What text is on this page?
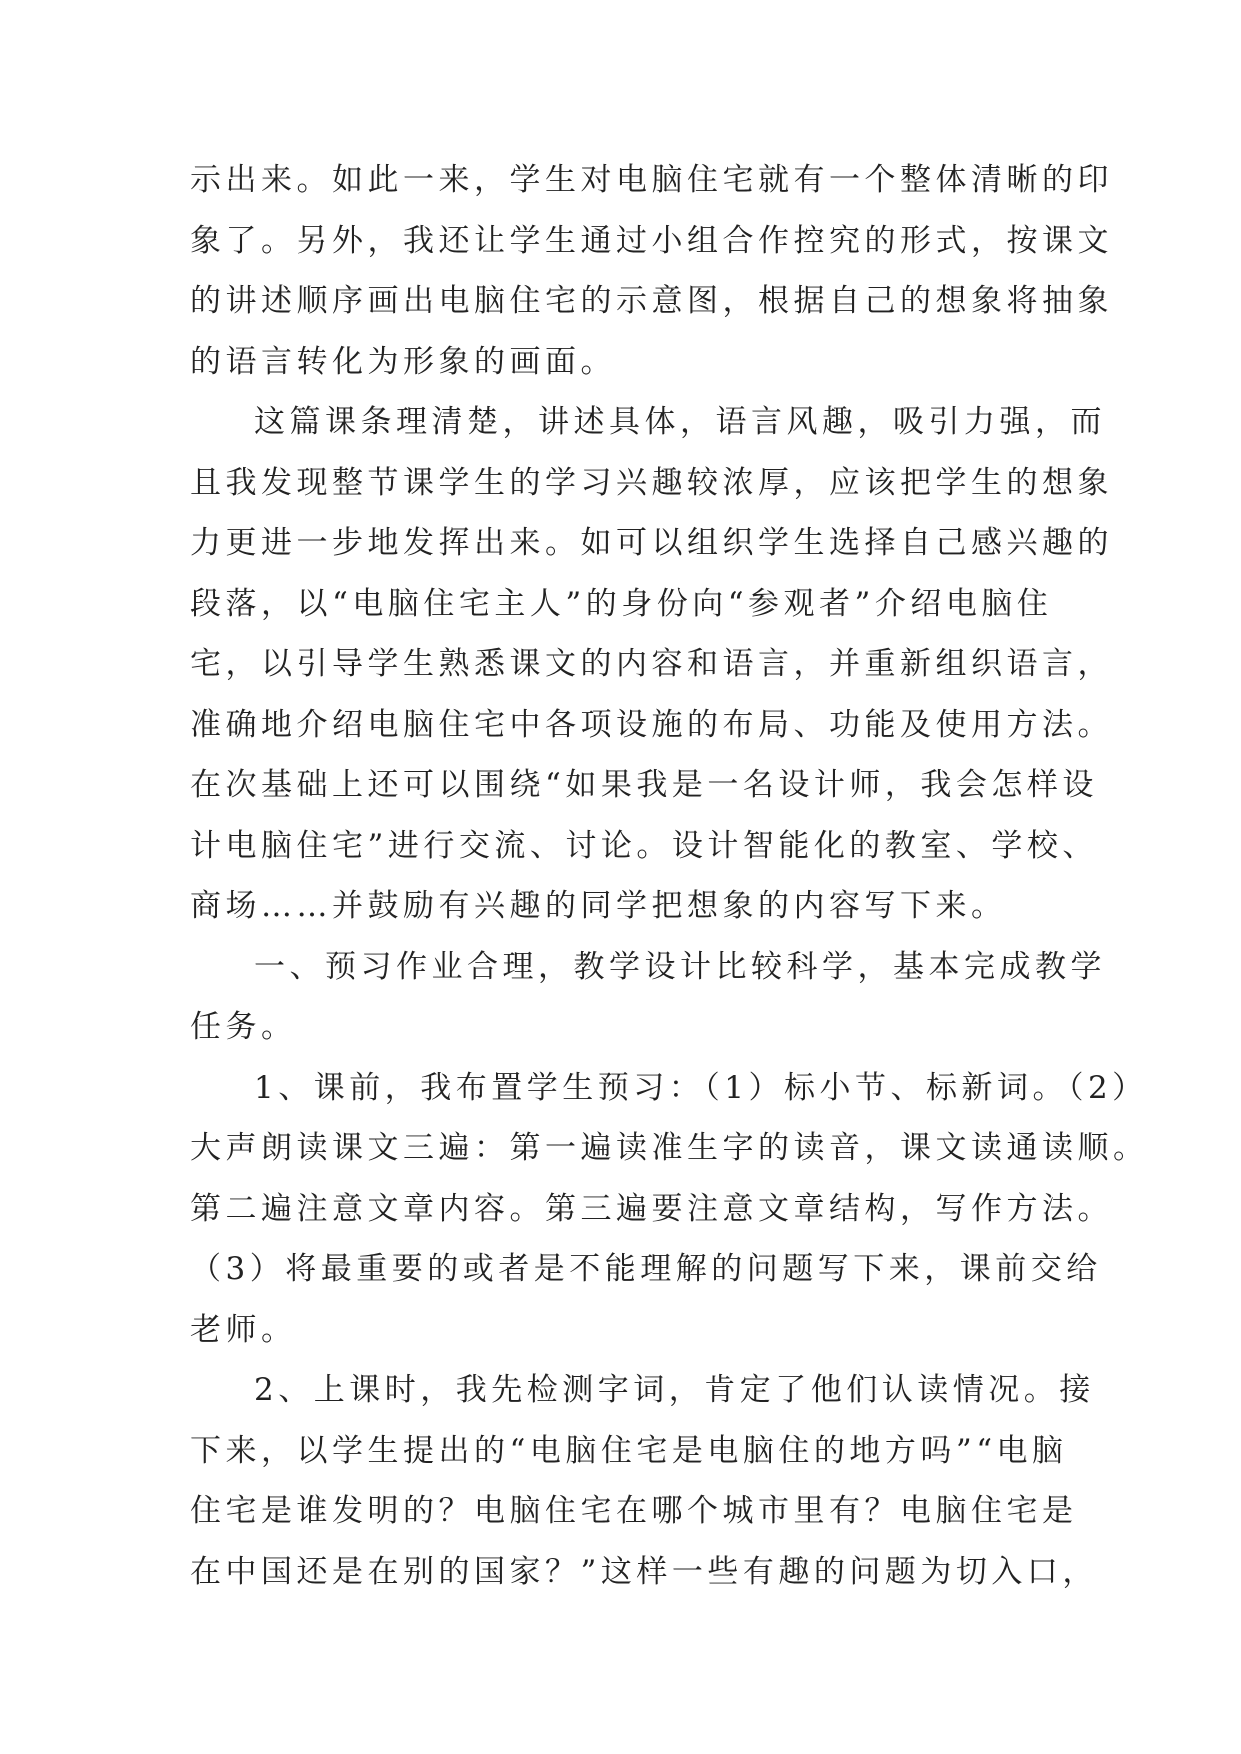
示出来。如此一来，学生对电脑住宅就有一个整体清晰的印
象了。另外，我还让学生通过小组合作控究的形式，按课文
的讲述顺序画出电脑住宅的示意图，根据自己的想象将抽象
的语言转化为形象的画面。
这篇课条理清楚，讲述具体，语言风趣，吸引力强，而
且我发现整节课学生的学习兴趣较浓厚，应该把学生的想象
力更进一步地发挥出来。如可以组织学生选择自己感兴趣的
段落，以“电脑住宅主人”的身份向“参观者”介绍电脑住
宅，以引导学生熟悉课文的内容和语言，并重新组织语言，
准确地介绍电脑住宅中各项设施的布局、功能及使用方法。
在次基础上还可以围绕“如果我是一名设计师，我会怎样设
计电脑住宅”进行交流、讨论。设计智能化的教室、学校、
商场……并鼓励有兴趣的同学把想象的内容写下来。
一、预习作业合理，教学设计比较科学，基本完成教学
任务。
1、课前，我布置学生预习：（1）标小节、标新词。（2）
大声朗读课文三遍：第一遍读准生字的读音，课文读通读顺。
第二遍注意文章内容。第三遍要注意文章结构，写作方法。
（3）将最重要的或者是不能理解的问题写下来，课前交给
老师。
2、上课时，我先检测字词，肯定了他们认读情况。接
下来，以学生提出的“电脑住宅是电脑住的地方吗”“电脑
住宅是谁发明的？电脑住宅在哪个城市里有？电脑住宅是
在中国还是在别的国家？”这样一些有趣的问题为切入口，
